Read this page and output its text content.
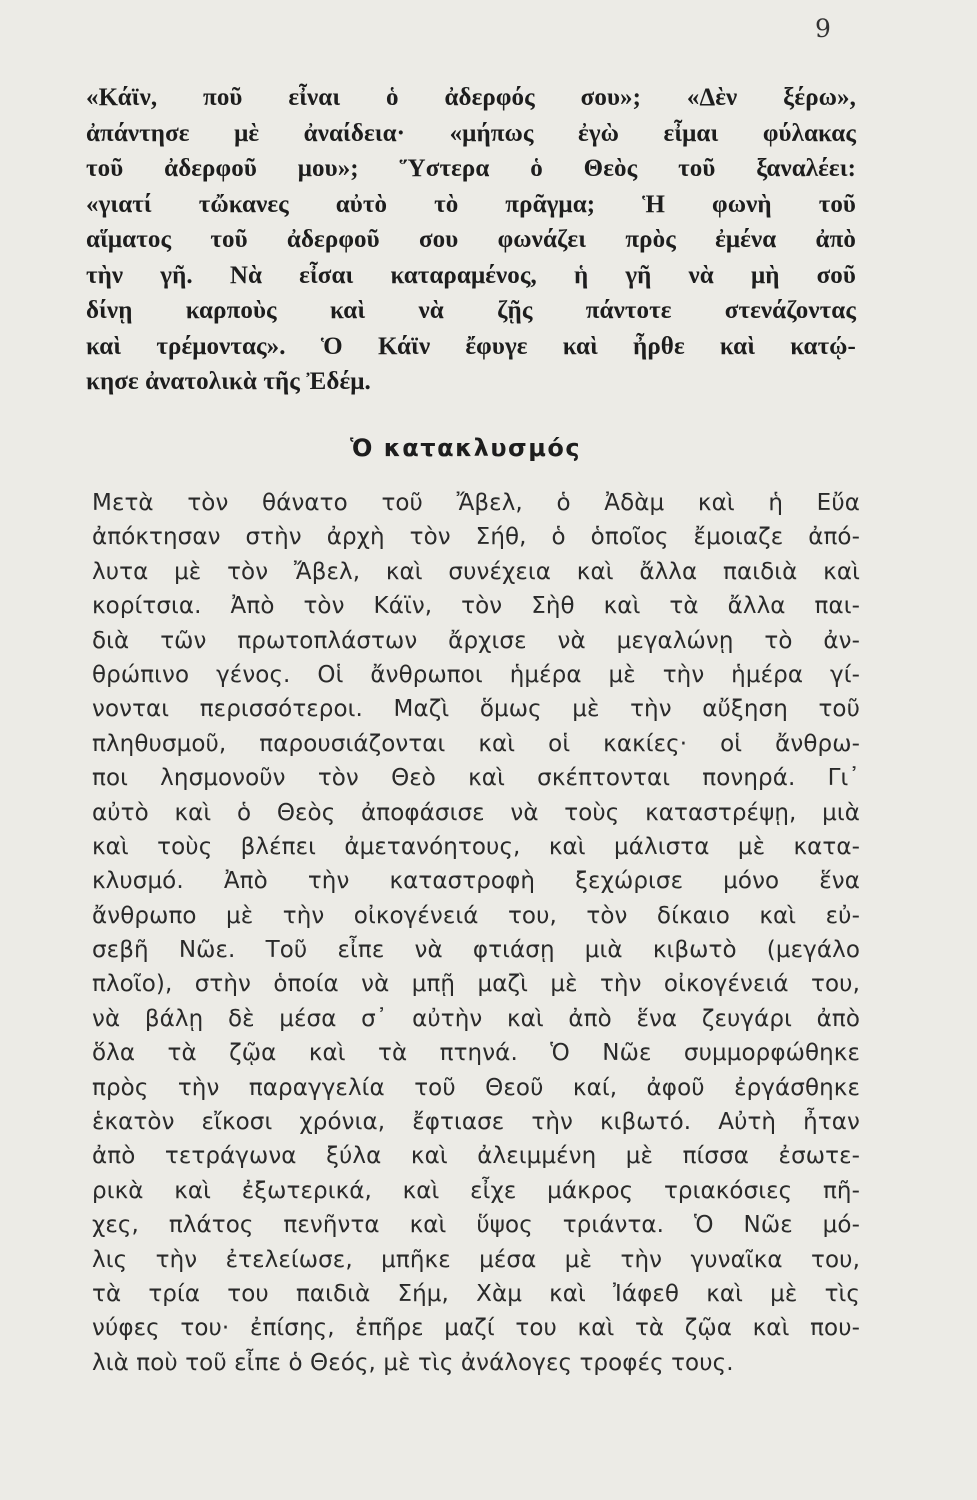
9
«Κάϊν, ποῦ εἶναι ὁ ἀδερφός σου»; «Δὲν ξέρω»,
ἀπάντησε μὲ ἀναίδεια· «μήπως ἐγὼ εἶμαι φύλακας
τοῦ ἀδερφοῦ μου»; Ὕστερα ὁ Θεὸς τοῦ ξαναλέει:
«γιατί τὤκανες αὐτὸ τὸ πρᾶγμα; Ἡ φωνὴ τοῦ
αἵματος τοῦ ἀδερφοῦ σου φωνάζει πρὸς ἐμένα ἀπὸ
τὴν γῆ. Νὰ εἶσαι καταραμένος, ἡ γῆ νὰ μὴ σοῦ
δίνῃ καρποὺς καὶ νὰ ζῇς πάντοτε στενάζοντας
καὶ τρέμοντας». Ὁ Κάϊν ἔφυγε καὶ ἦρθε καὶ κατῴ-
κησε ἀνατολικὰ τῆς Ἐδέμ.
Ὁ κατακλυσμός
Μετὰ τὸν θάνατο τοῦ Ἄβελ, ὁ Ἀδὰμ καὶ ἡ Εὔα
ἀπόκτησαν στὴν ἀρχὴ τὸν Σήθ, ὁ ὁποῖος ἔμοιαζε ἀπό-
λυτα μὲ τὸν Ἄβελ, καὶ συνέχεια καὶ ἄλλα παιδιὰ καὶ
κορίτσια. Ἀπὸ τὸν Κάϊν, τὸν Σὴθ καὶ τὰ ἄλλα παι-
διὰ τῶν πρωτοπλάστων ἄρχισε νὰ μεγαλώνῃ τὸ ἀν-
θρώπινο γένος. Οἱ ἄνθρωποι ἡμέρα μὲ τὴν ἡμέρα γί-
νονται περισσότεροι. Μαζὶ ὅμως μὲ τὴν αὔξηση τοῦ
πληθυσμοῦ, παρουσιάζονται καὶ οἱ κακίες· οἱ ἄνθρω-
ποι λησμονοῦν τὸν Θεὸ καὶ σκέπτονται πονηρά. Γι᾽
αὐτὸ καὶ ὁ Θεὸς ἀποφάσισε νὰ τοὺς καταστρέψῃ, μιὰ
καὶ τοὺς βλέπει ἀμετανόητους, καὶ μάλιστα μὲ κατα-
κλυσμό. Ἀπὸ τὴν καταστροφὴ ξεχώρισε μόνο ἕνα
ἄνθρωπο μὲ τὴν οἰκογένειά του, τὸν δίκαιο καὶ εὐ-
σεβῆ Νῶε. Τοῦ εἶπε νὰ φτιάσῃ μιὰ κιβωτὸ (μεγάλο
πλοῖο), στὴν ὁποία νὰ μπῇ μαζὶ μὲ τὴν οἰκογένειά του,
νὰ βάλῃ δὲ μέσα σ᾽ αὐτὴν καὶ ἀπὸ ἕνα ζευγάρι ἀπὸ
ὅλα τὰ ζῷα καὶ τὰ πτηνά. Ὁ Νῶε συμμορφώθηκε
πρὸς τὴν παραγγελία τοῦ Θεοῦ καί, ἀφοῦ ἐργάσθηκε
ἑκατὸν εἴκοσι χρόνια, ἔφτιασε τὴν κιβωτό. Αὐτὴ ἦταν
ἀπὸ τετράγωνα ξύλα καὶ ἀλειμμένη μὲ πίσσα ἐσωτε-
ρικὰ καὶ ἐξωτερικά, καὶ εἶχε μάκρος τριακόσιες πῆ-
χες, πλάτος πενῆντα καὶ ὕψος τριάντα. Ὁ Νῶε μό-
λις τὴν ἐτελείωσε, μπῆκε μέσα μὲ τὴν γυναῖκα του,
τὰ τρία του παιδιὰ Σήμ, Χὰμ καὶ Ἰάφεθ καὶ μὲ τὶς
νύφες του· ἐπίσης, ἐπῆρε μαζί του καὶ τὰ ζῷα καὶ που-
λιὰ ποὺ τοῦ εἶπε ὁ Θεός, μὲ τὶς ἀνάλογες τροφές τους.
